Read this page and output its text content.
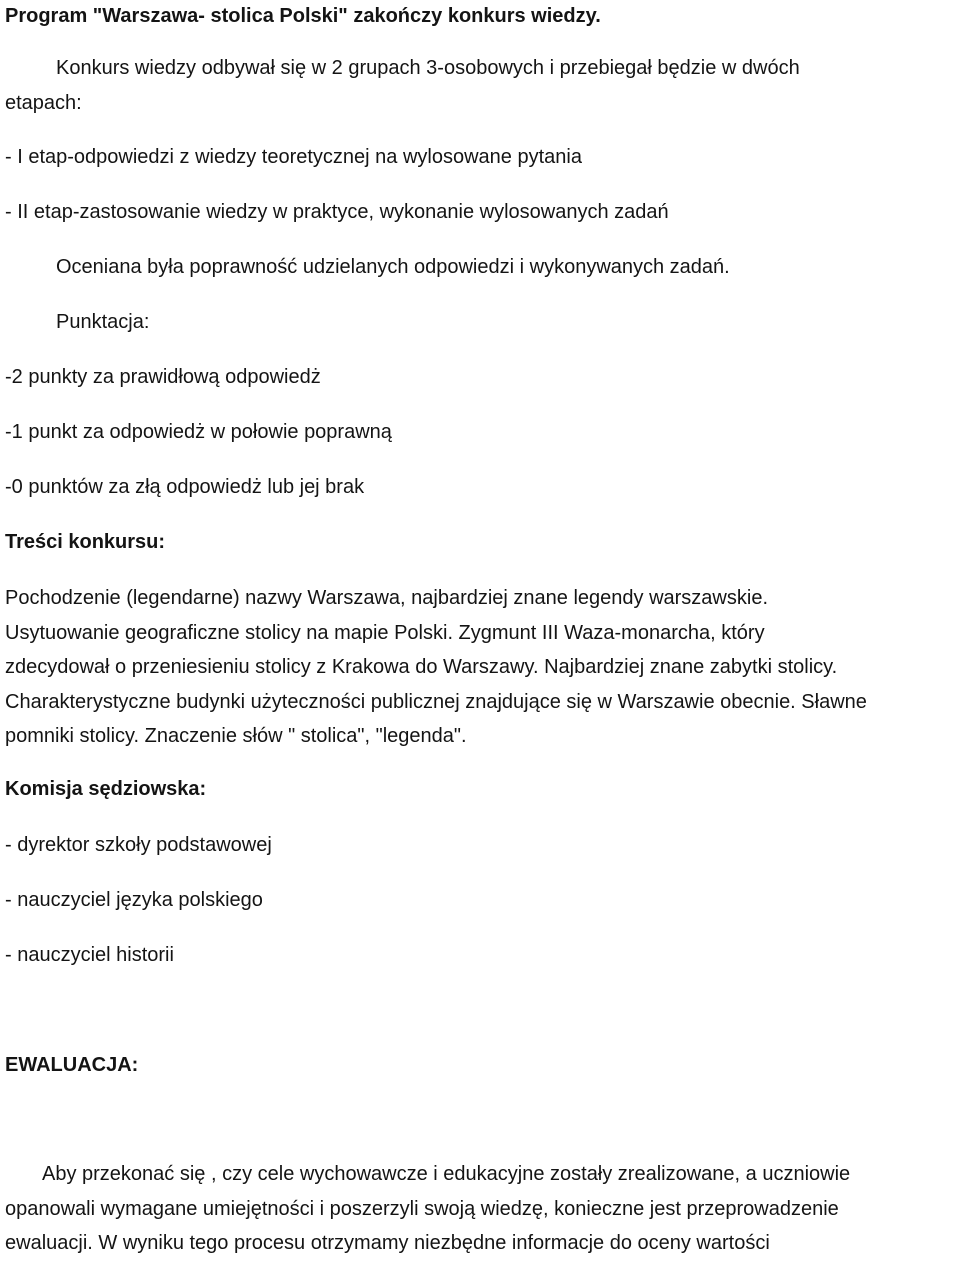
Program "Warszawa- stolica Polski" zakończy konkurs wiedzy.

Konkurs wiedzy odbywał się w 2 grupach 3-osobowych i przebiegał będzie w dwóch

etapach:

- I etap-odpowiedzi z wiedzy teoretycznej na wylosowane pytania

- II etap-zastosowanie wiedzy w praktyce, wykonanie wylosowanych zadań

Oceniana była poprawność udzielanych odpowiedzi i wykonywanych zadań.

Punktacja:

-2 punkty za prawidłową odpowiedż

-1 punkt za odpowiedż w połowie poprawną

-0 punktów za złą odpowiedż lub jej brak

Treści konkursu:

Pochodzenie (legendarne) nazwy Warszawa, najbardziej znane legendy warszawskie.
Usytuowanie geograficzne stolicy na mapie Polski. Zygmunt III Waza-monarcha, który
zdecydował o przeniesieniu stolicy z Krakowa do Warszawy. Najbardziej znane zabytki stolicy.
Charakterystyczne budynki użyteczności publicznej znajdujące się w Warszawie obecnie. Sławne
pomniki stolicy. Znaczenie słów " stolica", "legenda".

Komisja sędziowska:

- dyrektor szkoły podstawowej

- nauczyciel języka polskiego

- nauczyciel historii

EWALUACJA:

Aby przekonać się , czy cele wychowawcze i edukacyjne zostały zrealizowane, a uczniowie
opanowali wymagane umiejętności i poszerzyli swoją wiedzę, konieczne jest przeprowadzenie
ewaluacji. W wyniku tego procesu otrzymamy niezbędne informacje do oceny wartości
